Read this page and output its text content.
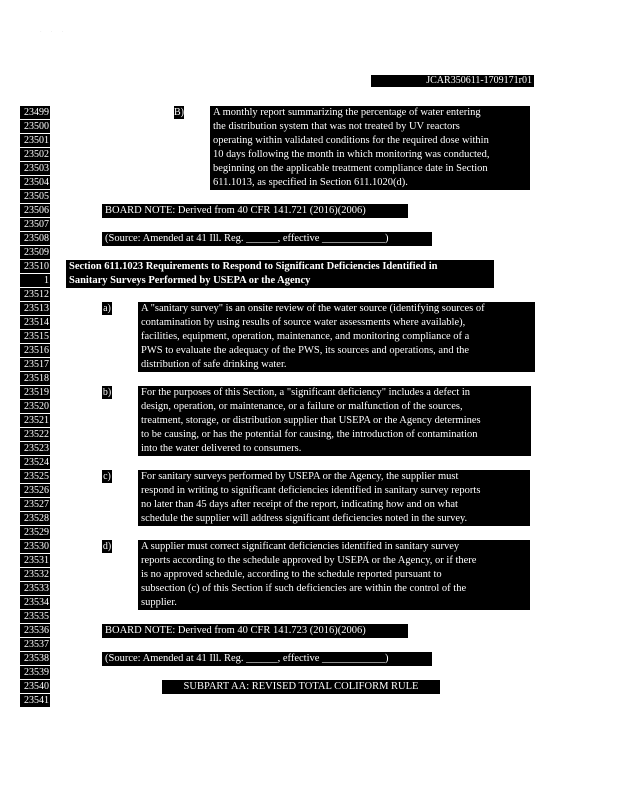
· · ·
JCAR350611-1709171r01
23499
23500
23501
23502
23503
23504
23505
23506
23507
23508
23509
23510
1
23512
23513
23514
23515
23516
23517
23518
23519
23520
23521
23522
23523
23524
23525
23526
23527
23528
23529
23530
23531
23532
23533
23534
23535
23536
23537
23538
23539
23540
23541
B)	A monthly report summarizing the percentage of water entering
the distribution system that was not treated by UV reactors
operating within validated conditions for the required dose within
10 days following the month in which monitoring was conducted,
beginning on the applicable treatment compliance date in Section
611.1013, as specified in Section 611.1020(d).
BOARD NOTE: Derived from 40 CFR 141.721 (2016)(2006)
(Source: Amended at 41 Ill. Reg. ______, effective ____________)
Section 611.1023 Requirements to Respond to Significant Deficiencies Identified in
Sanitary Surveys Performed by USEPA or the Agency
a)	A "sanitary survey" is an onsite review of the water source (identifying sources of
contamination by using results of source water assessments where available),
facilities, equipment, operation, maintenance, and monitoring compliance of a
PWS to evaluate the adequacy of the PWS, its sources and operations, and the
distribution of safe drinking water.
b)	For the purposes of this Section, a "significant deficiency" includes a defect in
design, operation, or maintenance, or a failure or malfunction of the sources,
treatment, storage, or distribution supplier that USEPA or the Agency determines
to be causing, or has the potential for causing, the introduction of contamination
into the water delivered to consumers.
c)	For sanitary surveys performed by USEPA or the Agency, the supplier must
respond in writing to significant deficiencies identified in sanitary survey reports
no later than 45 days after receipt of the report, indicating how and on what
schedule the supplier will address significant deficiencies noted in the survey.
d)	A supplier must correct significant deficiencies identified in sanitary survey
reports according to the schedule approved by USEPA or the Agency, or if there
is no approved schedule, according to the schedule reported pursuant to
subsection (c) of this Section if such deficiencies are within the control of the
supplier.
BOARD NOTE: Derived from 40 CFR 141.723 (2016)(2006)
(Source: Amended at 41 Ill. Reg. ______, effective ____________)
SUBPART AA: REVISED TOTAL COLIFORM RULE
